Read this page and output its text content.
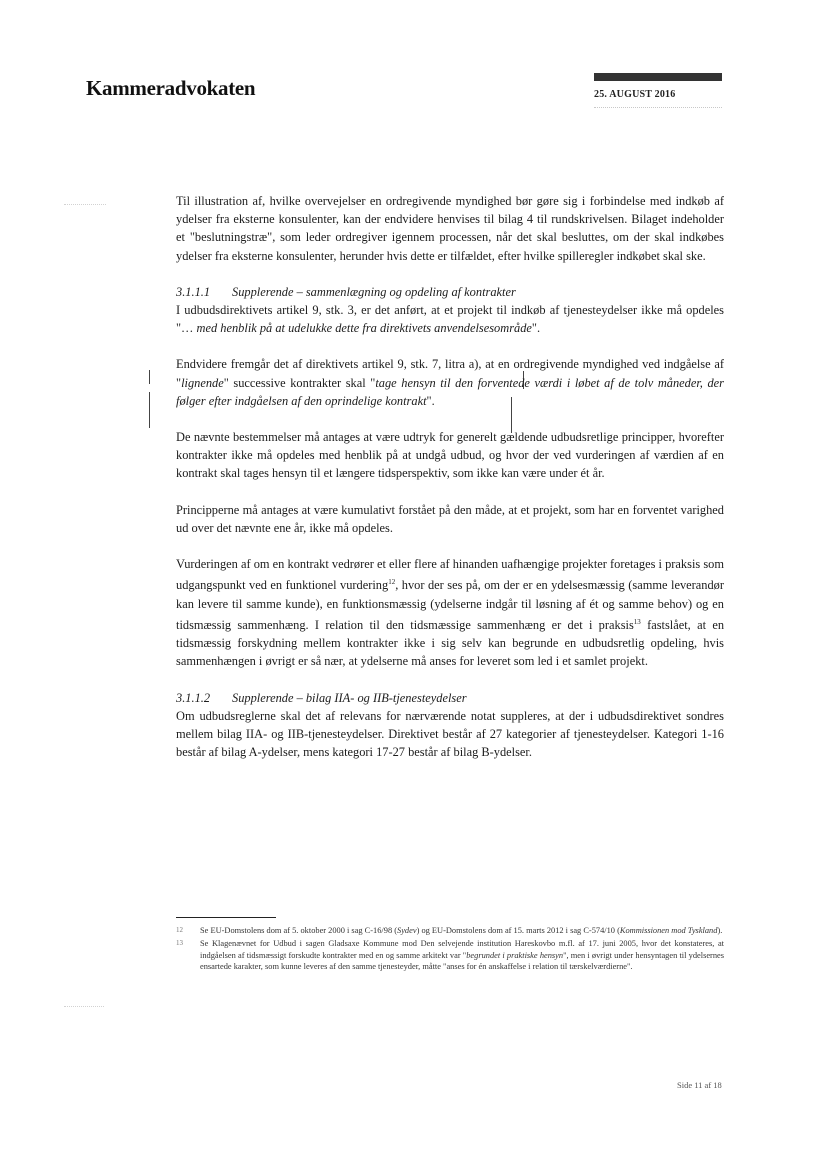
Kammeradvokaten	25. AUGUST 2016

Til illustration af, hvilke overvejelser en ordregivende myndighed bør gøre sig i forbindelse med indkøb af ydelser fra eksterne konsulenter, kan der endvidere henvises til bilag 4 til rundskrivelsen. Bilaget indeholder et "beslutningstræ", som leder ordregiver igennem processen, når det skal besluttes, om der skal indkøbes ydelser fra eksterne konsulenter, herunder hvis dette er tilfældet, efter hvilke spilleregler indkøbet skal ske.

3.1.1.1	Supplerende – sammenlægning og opdeling af kontrakter

I udbudsdirektivets artikel 9, stk. 3, er det anført, at et projekt til indkøb af tjenesteydelser ikke må opdeles "… med henblik på at udelukke dette fra direktivets anvendelsesområde".

Endvidere fremgår det af direktivets artikel 9, stk. 7, litra a), at en ordregivende myndighed ved indgåelse af "lignende" successive kontrakter skal "tage hensyn til den forventede værdi i løbet af de tolv måneder, der følger efter indgåelsen af den oprindelige kontrakt".

De nævnte bestemmelser må antages at være udtryk for generelt gældende udbudsretlige principper, hvorefter kontrakter ikke må opdeles med henblik på at undgå udbud, og hvor der ved vurderingen af værdien af en kontrakt skal tages hensyn til et længere tidsperspektiv, som ikke kan være under ét år.

Principperne må antages at være kumulativt forstået på den måde, at et projekt, som har en forventet varighed ud over det nævnte ene år, ikke må opdeles.

Vurderingen af om en kontrakt vedrører et eller flere af hinanden uafhængige projekter foretages i praksis som udgangspunkt ved en funktionel vurdering$^{12}$, hvor der ses på, om der er en ydelsesmæssig (samme leverandør kan levere til samme kunde), en funktionsmæssig (ydelserne indgår til løsning af ét og samme behov) og en tidsmæssig sammenhæng. I relation til den tidsmæssige sammenhæng er det i praksis$^{13}$ fastslået, at en tidsmæssig forskydning mellem kontrakter ikke i sig selv kan begrunde en udbudsretlig opdeling, hvis sammenhængen i øvrigt er så nær, at ydelserne må anses for leveret som led i et samlet projekt.

3.1.1.2	Supplerende – bilag IIA- og IIB-tjenesteydelser

Om udbudsreglerne skal det af relevans for nærværende notat suppleres, at der i udbudsdirektivet sondres mellem bilag IIA- og IIB-tjenesteydelser. Direktivet består af 27 kategorier af tjenesteydelser. Kategori 1-16 består af bilag A-ydelser, mens kategori 17-27 består af bilag B-ydelser.

12 Se EU-Domstolens dom af 5. oktober 2000 i sag C-16/98 (Sydev) og EU-Domstolens dom af 15. marts 2012 i sag C-574/10 (Kommissionen mod Tyskland).
13 Se Klagenævnet for Udbud i sagen Gladsaxe Kommune mod Den selvejende institution Hareskovbo m.fl. af 17. juni 2005, hvor det konstateres, at indgåelsen af tidsmæssigt forskudte kontrakter med en og samme arkitekt var "begrundet i praktiske hensyn", men i øvrigt under hensyntagen til ydelsernes ensartede karakter, som kunne leveres af den samme tjenesteyder, måtte "anses for én anskaffelse i relation til tærskelværdierne".
Side 11 af 18
